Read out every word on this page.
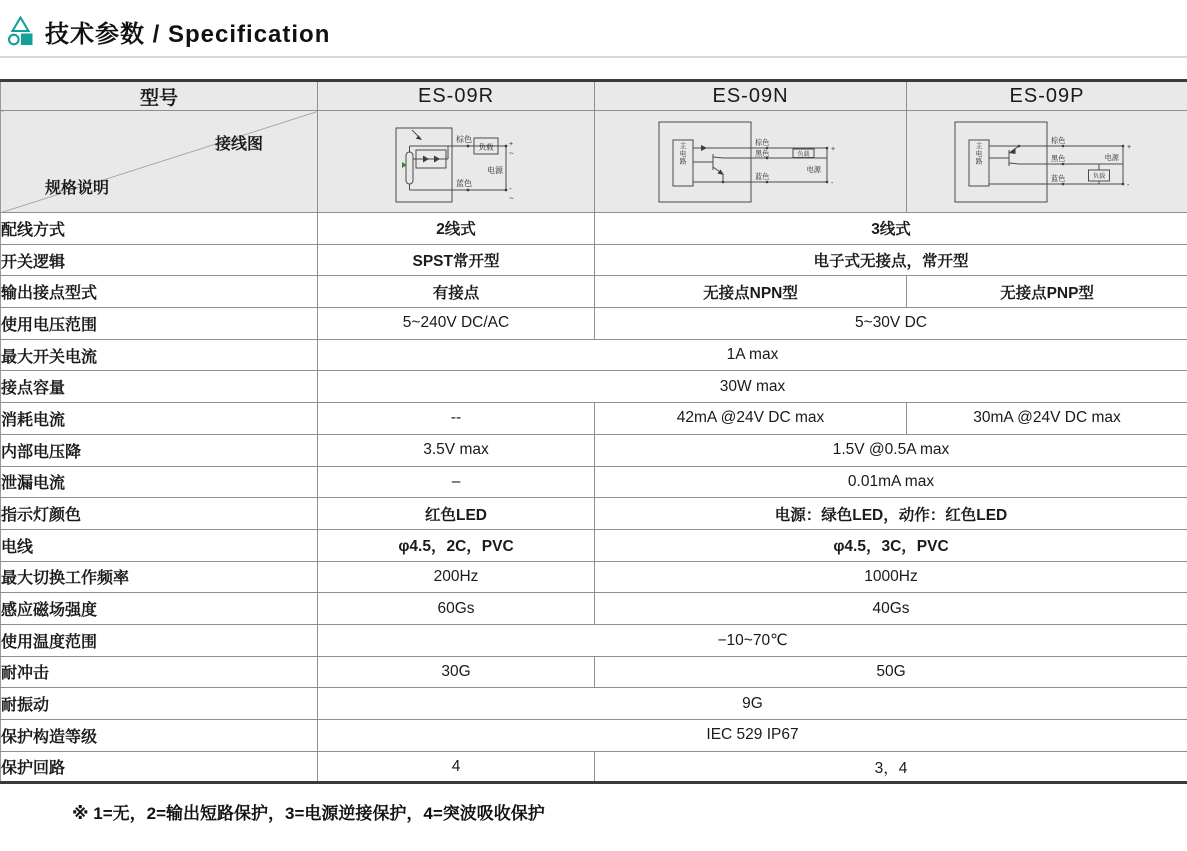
技术参数 / Specification
型号	ES-09R	ES-09N	ES-09P

接线图
规格说明

棕色
蓝色
负载
电源
+
~
-
~

主电路
棕色
黑色
蓝色
负载
电源
+
-

主电路
棕色
黑色
蓝色	负载
电源
+
-

配线方式	2线式	3线式	
开关逻辑	SPST常开型	电子式无接点，常开型	
输出接点型式	有接点	无接点NPN型	无接点PNP型
使用电压范围	5~240V DC/AC	5~30V DC	
最大开关电流	1A max		
接点容量	30W max		
消耗电流	--	42mA @24V DC max	30mA @24V DC max
内部电压降	3.5V max	1.5V @0.5A max	
泄漏电流	–	0.01mA max	
指示灯颜色	红色LED	电源：绿色LED，动作：红色LED	
电线	φ4.5，2C，PVC	φ4.5，3C，PVC	
最大切换工作频率	200Hz	1000Hz	
感应磁场强度	60Gs	40Gs	
使用温度范围	−10~70℃		
耐冲击	30G	50G	
耐振动	9G		
保护构造等级	IEC 529 IP67		
保护回路	4	3，4	
※ 1=无，2=输出短路保护，3=电源逆接保护，4=突波吸收保护
